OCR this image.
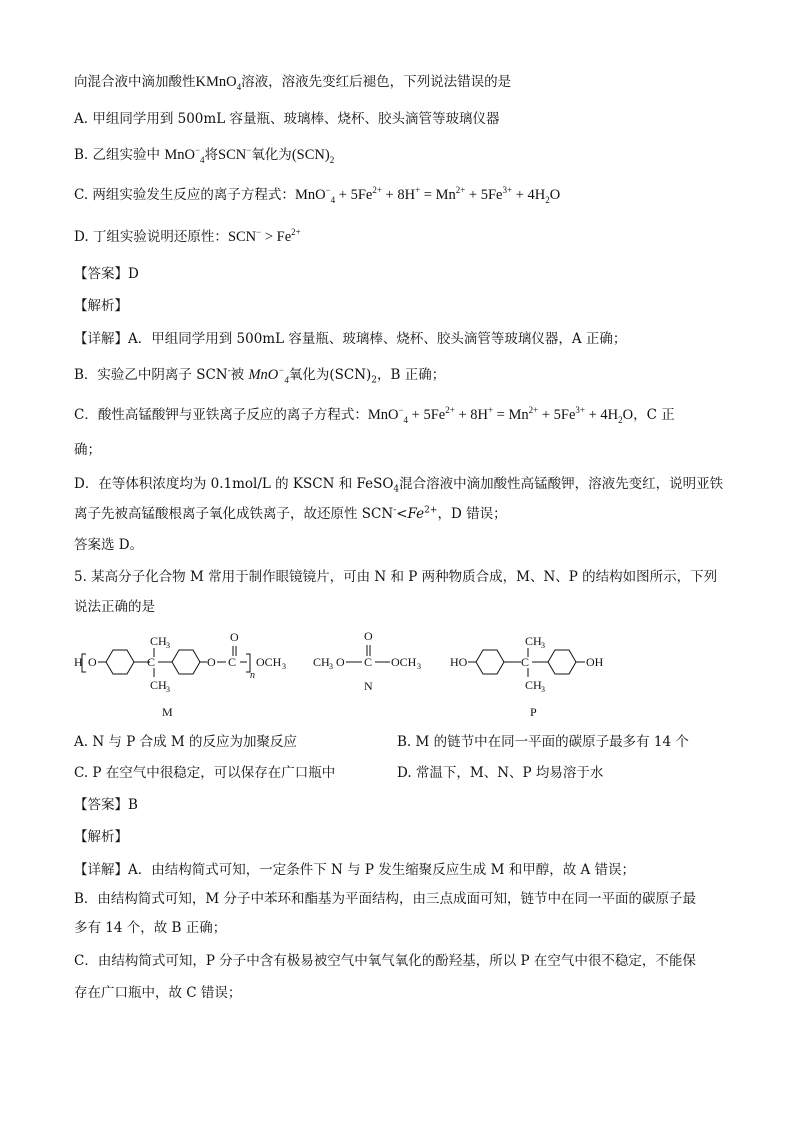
向混合液中滴加酸性KMnO$_4$溶液，溶液先变红后褪色，下列说法错误的是
A. 甲组同学用到 500mL 容量瓶、玻璃棒、烧杯、胶头滴管等玻璃仪器
B. 乙组实验中 MnO−$_4$将SCN−氧化为$(SCN)_2$
C. 两组实验发生反应的离子方程式：$MnO^-_4 + 5Fe^{2+} + 8H^+ = Mn^{2+} + 5Fe^{3+} + 4H_2O$
D. 丁组实验说明还原性：$SCN^- > Fe^{2+}$
【答案】D
【解析】
【详解】A．甲组同学用到 500mL 容量瓶、玻璃棒、烧杯、胶头滴管等玻璃仪器，A 正确；
B．实验乙中阴离子 SCN-被 MnO−$_4$氧化为$(SCN)_2$，B 正确；
C．酸性高锰酸钾与亚铁离子反应的离子方程式：$MnO^-_4 + 5Fe^{2+} + 8H^+ = Mn^{2+} + 5Fe^{3+} + 4H_2O$，C 正
确；
D．在等体积浓度均为 0.1mol/L 的 KSCN 和 FeSO$_4$混合溶液中滴加酸性高锰酸钾，溶液先变红，说明亚铁
离子先被高锰酸根离子氧化成铁离子，故还原性 $SCN^-<Fe^{2+}$，D 错误；
答案选 D。
5. 某高分子化合物 M 常用于制作眼镜镜片，可由 N 和 P 两种物质合成，M、N、P 的结构如图所示，下列
说法正确的是
H O	C
CH 3
CH 3
O C
O
n
OCH 3
M
CH 3 O C
O
OCH 3
N
HO	C
CH 3
CH 3
OH
P
A. N 与 P 合成 M 的反应为加聚反应	B. M 的链节中在同一平面的碳原子最多有 14 个
C. P 在空气中很稳定，可以保存在广口瓶中	D. 常温下，M、N、P 均易溶于水
【答案】B
【解析】
【详解】A．由结构简式可知，一定条件下 N 与 P 发生缩聚反应生成 M 和甲醇，故 A 错误；
B．由结构简式可知，M 分子中苯环和酯基为平面结构，由三点成面可知，链节中在同一平面的碳原子最
多有 14 个，故 B 正确；
C．由结构简式可知，P 分子中含有极易被空气中氧气氧化的酚羟基，所以 P 在空气中很不稳定，不能保
存在广口瓶中，故 C 错误；
